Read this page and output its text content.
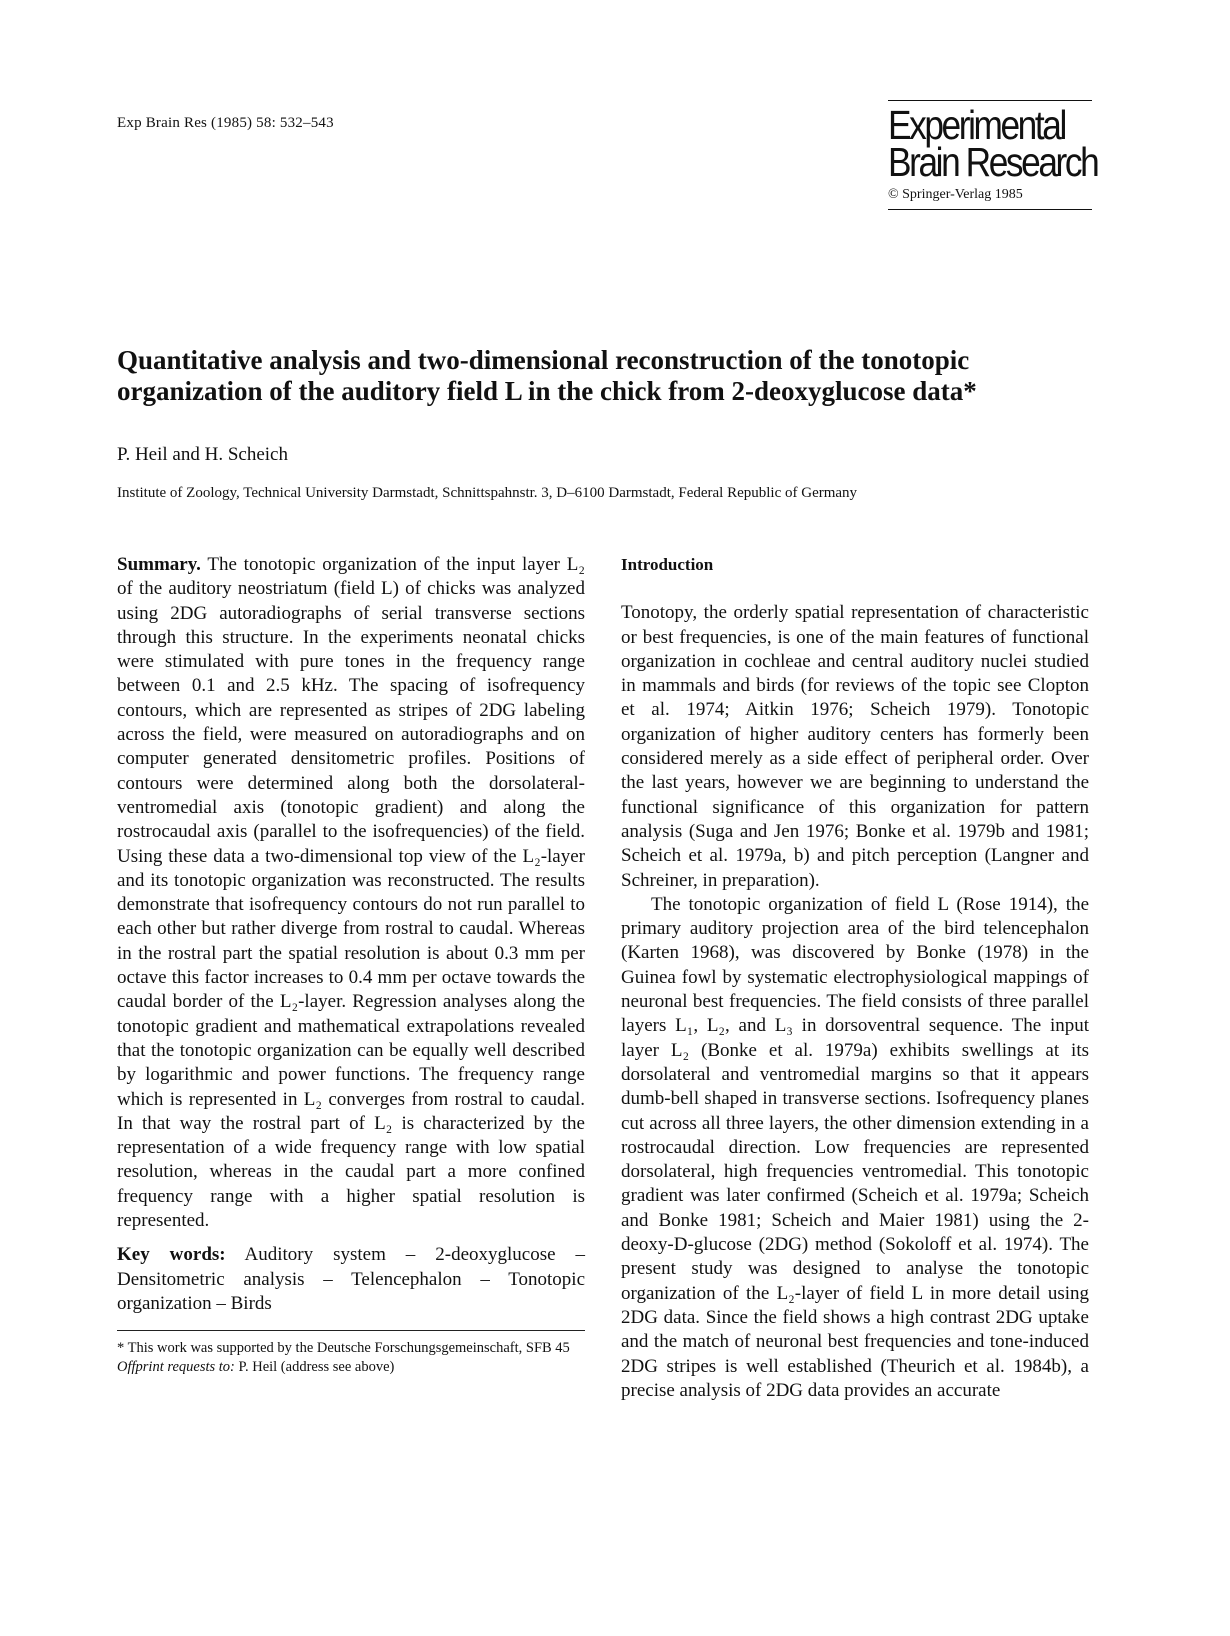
Exp Brain Res (1985) 58: 532–543	Experimental
Brain Research
© Springer-Verlag 1985
Quantitative analysis and two-dimensional reconstruction of the tonotopic organization of the auditory field L in the chick from 2-deoxyglucose data*
P. Heil and H. Scheich
Institute of Zoology, Technical University Darmstadt, Schnittspahnstr. 3, D–6100 Darmstadt, Federal Republic of Germany

Summary. The tonotopic organization of the input layer L₂ of the auditory neostriatum (field L) of chicks was analyzed using 2DG autoradiographs of serial transverse sections through this structure. In the experiments neonatal chicks were stimulated with pure tones in the frequency range between 0.1 and 2.5 kHz. The spacing of isofrequency contours, which are represented as stripes of 2DG labeling across the field, were measured on autoradiographs and on computer generated densitometric profiles. Positions of contours were determined along both the dorsolateral-ventromedial axis (tonotopic gradient) and along the rostrocaudal axis (parallel to the isofrequencies) of the field. Using these data a two-dimensional top view of the L₂-layer and its tonotopic organization was reconstructed. The results demonstrate that isofrequency contours do not run parallel to each other but rather diverge from rostral to caudal. Whereas in the rostral part the spatial resolution is about 0.3 mm per octave this factor increases to 0.4 mm per octave towards the caudal border of the L₂-layer. Regression analyses along the tonotopic gradient and mathematical extrapolations revealed that the tonotopic organization can be equally well described by logarithmic and power functions. The frequency range which is represented in L₂ converges from rostral to caudal. In that way the rostral part of L₂ is characterized by the representation of a wide frequency range with low spatial resolution, whereas in the caudal part a more confined frequency range with a higher spatial resolution is represented.

Key words: Auditory system – 2-deoxyglucose – Densitometric analysis – Telencephalon – Tonotopic organization – Birds

* This work was supported by the Deutsche Forschungsgemeinschaft, SFB 45

Offprint requests to: P. Heil (address see above)

Introduction

Tonotopy, the orderly spatial representation of characteristic or best frequencies, is one of the main features of functional organization in cochleae and central auditory nuclei studied in mammals and birds (for reviews of the topic see Clopton et al. 1974; Aitkin 1976; Scheich 1979). Tonotopic organization of higher auditory centers has formerly been considered merely as a side effect of peripheral order. Over the last years, however we are beginning to understand the functional significance of this organization for pattern analysis (Suga and Jen 1976; Bonke et al. 1979b and 1981; Scheich et al. 1979a, b) and pitch perception (Langner and Schreiner, in preparation).

The tonotopic organization of field L (Rose 1914), the primary auditory projection area of the bird telencephalon (Karten 1968), was discovered by Bonke (1978) in the Guinea fowl by systematic electrophysiological mappings of neuronal best frequencies. The field consists of three parallel layers L₁, L₂, and L₃ in dorsoventral sequence. The input layer L₂ (Bonke et al. 1979a) exhibits swellings at its dorsolateral and ventromedial margins so that it appears dumb-bell shaped in transverse sections. Isofrequency planes cut across all three layers, the other dimension extending in a rostrocaudal direction. Low frequencies are represented dorsolateral, high frequencies ventromedial. This tonotopic gradient was later confirmed (Scheich et al. 1979a; Scheich and Bonke 1981; Scheich and Maier 1981) using the 2-deoxy-D-glucose (2DG) method (Sokoloff et al. 1974). The present study was designed to analyse the tonotopic organization of the L₂-layer of field L in more detail using 2DG data. Since the field shows a high contrast 2DG uptake and the match of neuronal best frequencies and tone-induced 2DG stripes is well established (Theurich et al. 1984b), a precise analysis of 2DG data provides an accurate
